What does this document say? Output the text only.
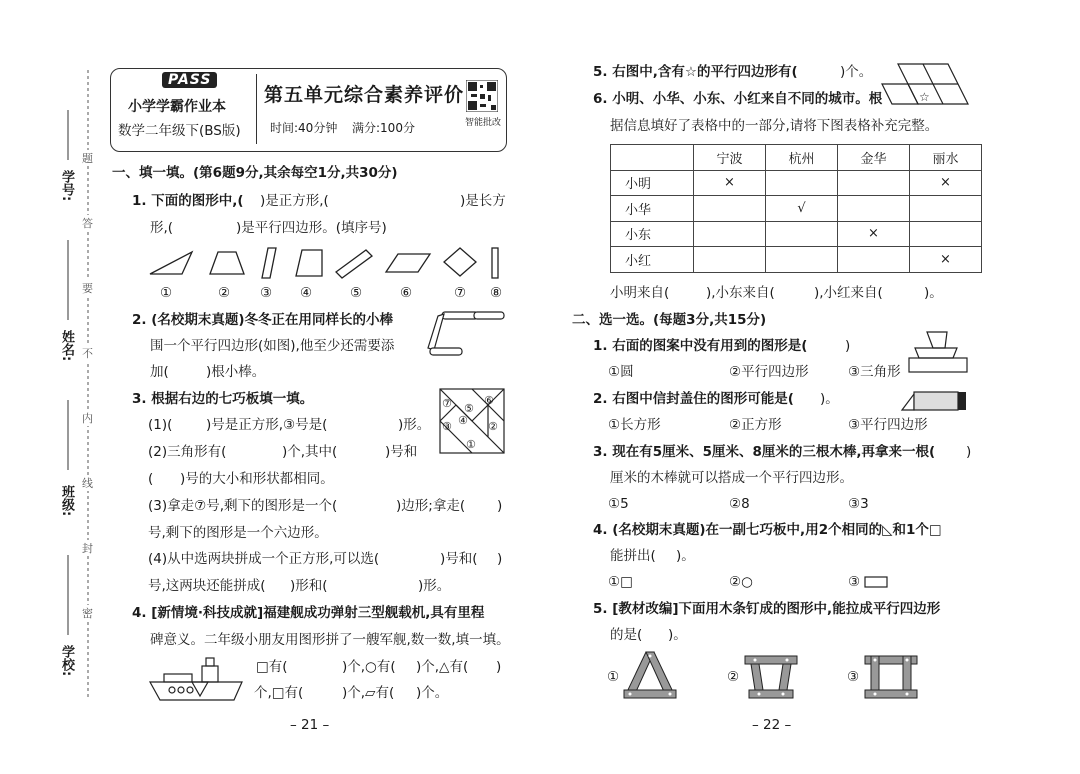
学号:
姓名:
班级:
学校:
题
答
要
不
内
线
封
密
PASS
小学学霸作业本
数学二年级下(BS版)
第五单元综合素养评价
时间:40分钟 满分:100分	智能批改
一、填一填。(第6题9分,其余每空1分,共30分)
1. 下面的图形中,( )是正方形,(	)是长方
形,(	)是平行四边形。(填序号)
①	② ③ ④	⑤	⑥	⑦ ⑧
2. (名校期末真题)冬冬正在用同样长的小棒
围一个平行四边形(如图),他至少还需要添
加(	)根小棒。
3. 根据右边的七巧板填一填。
(1)( )号是正方形,③号是(	)形。
(2)三角形有(	)个,其中(	)号和
( )号的大小和形状都相同。
(3)拿走⑦号,剩下的图形是一个(	)边形;拿走( )
号,剩下的图形是一个六边形。
(4)从中选两块拼成一个正方形,可以选(	)号和( )
号,这两块还能拼成( )形和(	)形。
⑦ ⑤
⑥
③ ④ ②
①
4. [新情境·科技成就]福建舰成功弹射三型舰载机,具有里程
碑意义。二年级小朋友用图形拼了一艘军舰,数一数,填一填。
□有(	)个,○有( )个,△有( )
个,□有(	)个,▱有( )个。
– 21 –
5. 右图中,含有☆的平行四边形有(	)个。
☆
6. 小明、小华、小东、小红来自不同的城市。根
据信息填好了表格中的一部分,请将下图表格补充完整。
	宁波	杭州	金华	丽水
小明	×			×
小华		√		
小东			×	
小红				×
小明来自(	),小东来自(	),小红来自(	)。
二、选一选。(每题3分,共15分)
1. 右面的图案中没有用到的图形是(	)
①圆	②平行四边形	③三角形
2. 右图中信封盖住的图形可能是( )。
①长方形	②正方形	③平行四边形
3. 现在有5厘米、5厘米、8厘米的三根木棒,再拿来一根( )
厘米的木棒就可以搭成一个平行四边形。
①5	②8	③3
4. (名校期末真题)在一副七巧板中,用2个相同的◺和1个□
能拼出( )。
①□	②○	③
5. [教材改编]下面用木条钉成的图形中,能拉成平行四边形
的是( )。
①	②	③
– 22 –
